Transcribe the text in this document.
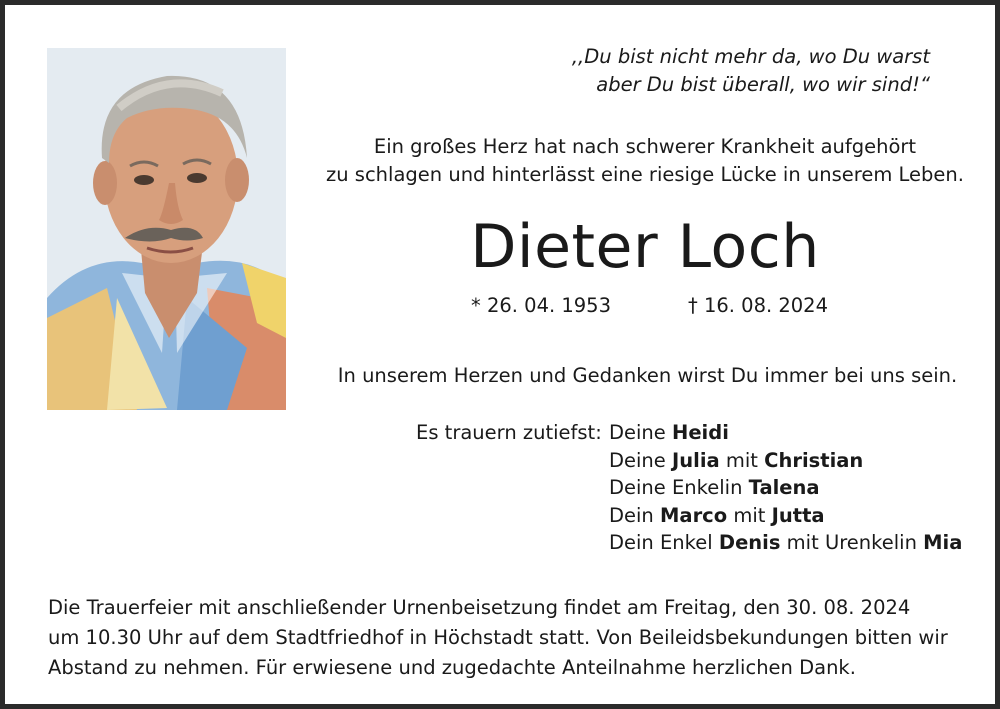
,,Du bist nicht mehr da, wo Du warst
aber Du bist überall, wo wir sind!“
Ein großes Herz hat nach schwerer Krankheit aufgehört
zu schlagen und hinterlässt eine riesige Lücke in unserem Leben.
Dieter Loch
* 26. 04. 1953	† 16. 08. 2024
In unserem Herzen und Gedanken wirst Du immer bei uns sein.
Es trauern zutiefst: Deine Heidi
Deine Julia mit Christian
Deine Enkelin Talena
Dein Marco mit Jutta
Dein Enkel Denis mit Urenkelin Mia
Die Trauerfeier mit anschließender Urnenbeisetzung findet am Freitag, den 30. 08. 2024
um 10.30 Uhr auf dem Stadtfriedhof in Höchstadt statt. Von Beileidsbekundungen bitten wir
Abstand zu nehmen. Für erwiesene und zugedachte Anteilnahme herzlichen Dank.
